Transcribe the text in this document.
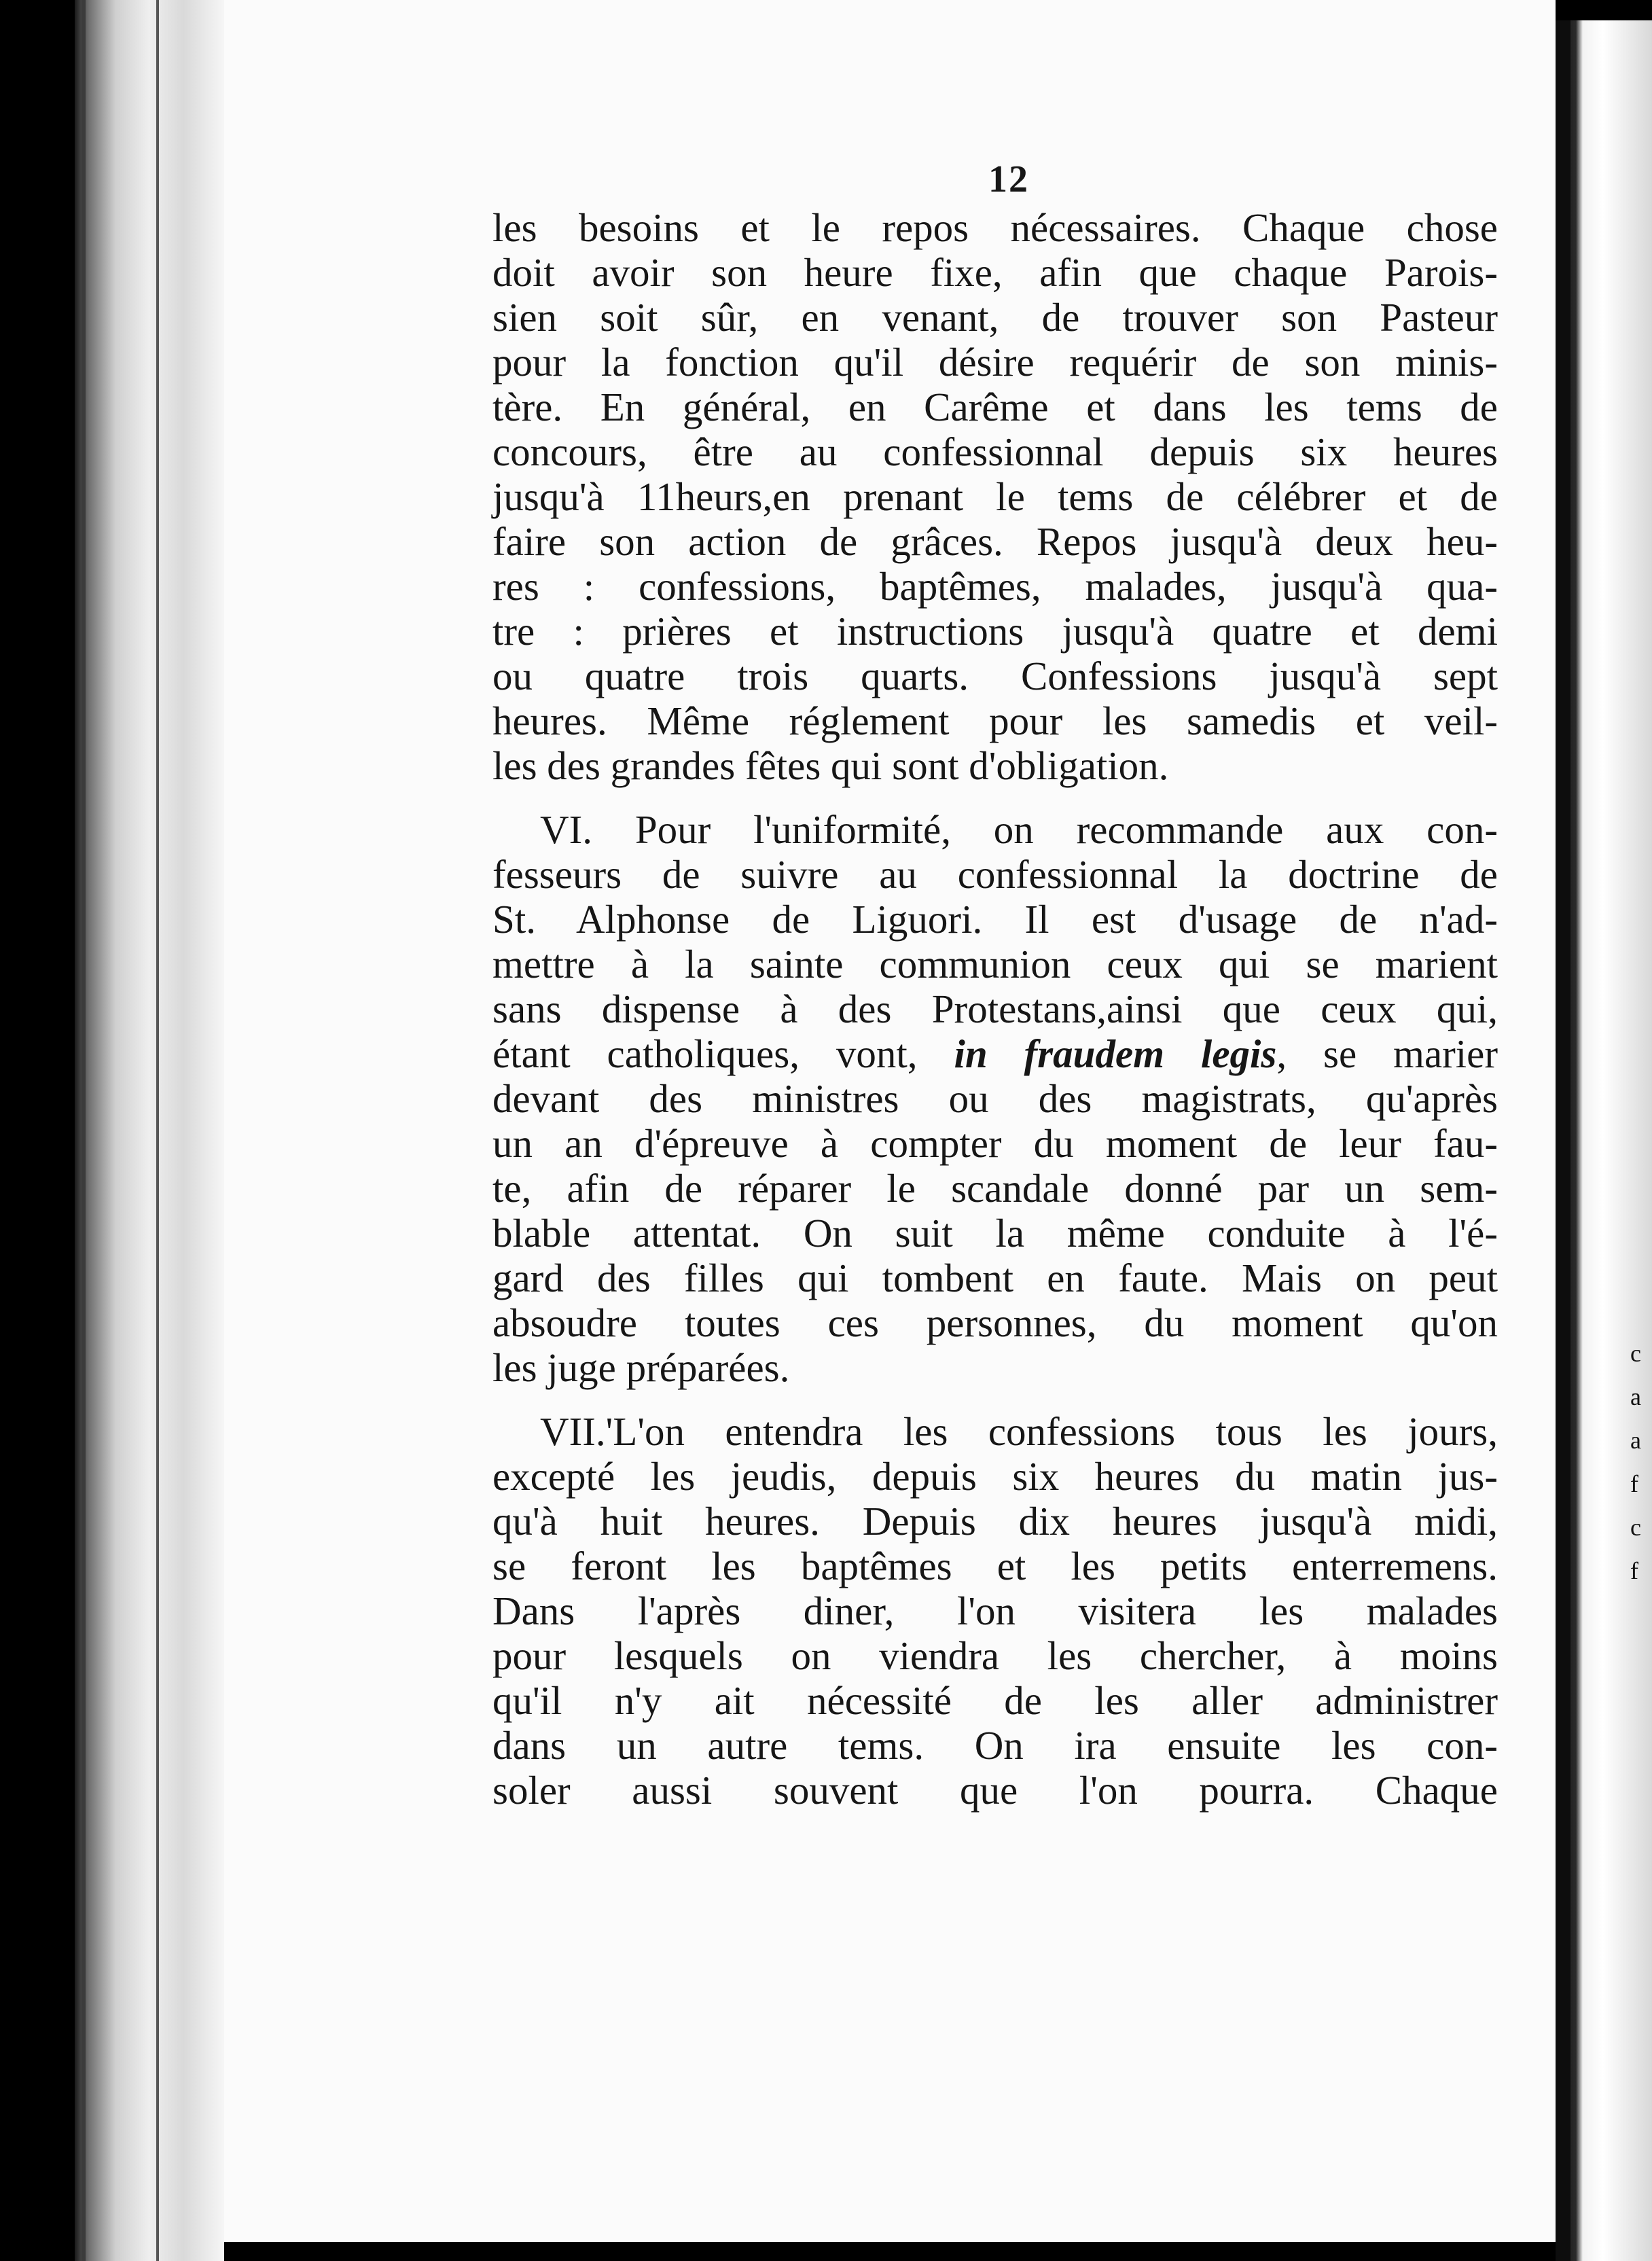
12
les besoins et le repos nécessaires. Chaque chose
doit avoir son heure fixe, afin que chaque Parois-
sien soit sûr, en venant, de trouver son Pasteur
pour la fonction qu'il désire requérir de son minis-
tère. En général, en Carême et dans les tems de
concours, être au confessionnal depuis six heures
jusqu'à 11heurs,en prenant le tems de célébrer et de
faire son action de grâces. Repos jusqu'à deux heu-
res : confessions, baptêmes, malades, jusqu'à qua-
tre : prières et instructions jusqu'à quatre et demi
ou quatre trois quarts. Confessions jusqu'à sept
heures. Même réglement pour les samedis et veil-
les des grandes fêtes qui sont d'obligation.
VI. Pour l'uniformité, on recommande aux con-
fesseurs de suivre au confessionnal la doctrine de
St. Alphonse de Liguori. Il est d'usage de n'ad-
mettre à la sainte communion ceux qui se marient
sans dispense à des Protestans,ainsi que ceux qui,
étant catholiques, vont, in fraudem legis, se marier
devant des ministres ou des magistrats, qu'après
un an d'épreuve à compter du moment de leur fau-
te, afin de réparer le scandale donné par un sem-
blable attentat. On suit la même conduite à l'é-
gard des filles qui tombent en faute. Mais on peut
absoudre toutes ces personnes, du moment qu'on
les juge préparées.
VII.'L'on entendra les confessions tous les jours,
excepté les jeudis, depuis six heures du matin jus-
qu'à huit heures. Depuis dix heures jusqu'à midi,
se feront les baptêmes et les petits enterremens.
Dans l'après diner, l'on visitera les malades
pour lesquels on viendra les chercher, à moins
qu'il n'y ait nécessité de les aller administrer
dans un autre tems. On ira ensuite les con-
soler aussi souvent que l'on pourra. Chaque
c
a
a
f
c
f
